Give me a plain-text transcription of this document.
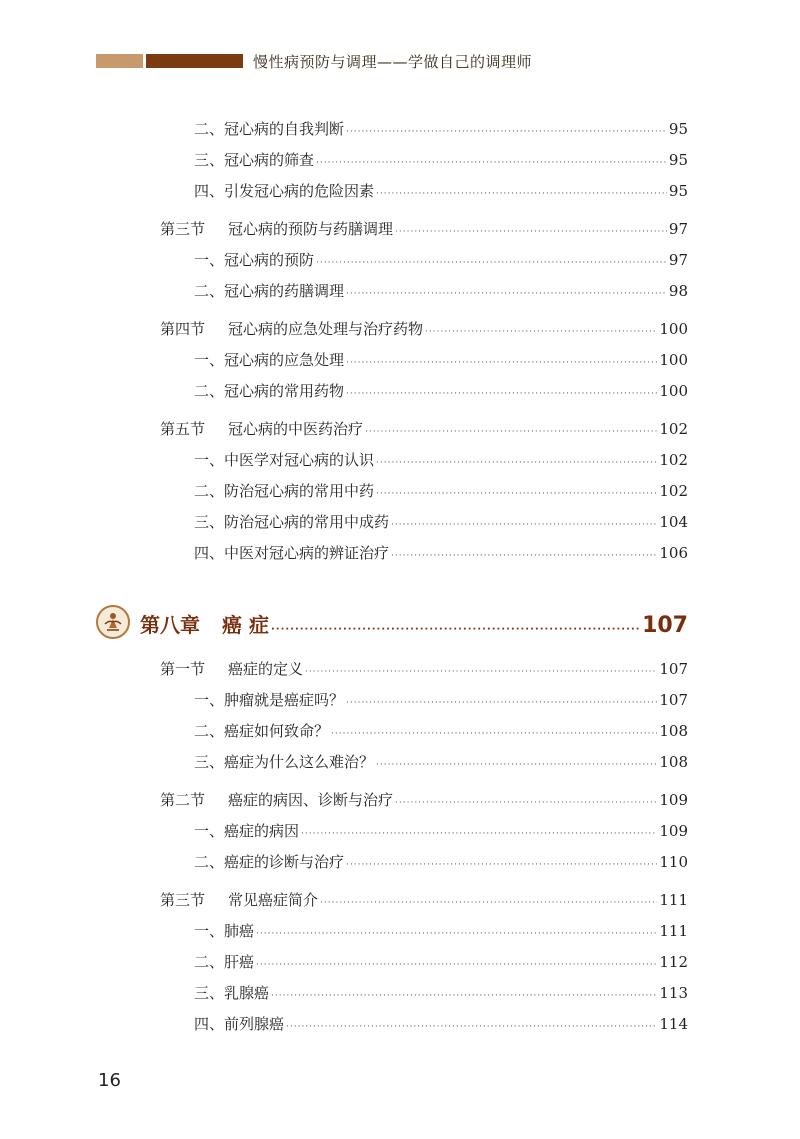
慢性病预防与调理——学做自己的调理师
二、冠心病的自我判断 ·····	95
三、冠心病的筛查 ·····	95
四、引发冠心病的危险因素 ·····	95
第三节 冠心病的预防与药膳调理 ·····	97
一、冠心病的预防 ·····	97
二、冠心病的药膳调理 ·····	98
第四节 冠心病的应急处理与治疗药物 ·····	100
一、冠心病的应急处理 ·····	100
二、冠心病的常用药物 ·····	100
第五节 冠心病的中医药治疗 ·····	102
一、中医学对冠心病的认识 ·····	102
二、防治冠心病的常用中药 ·····	102
三、防治冠心病的常用中成药 ·····	104
四、中医对冠心病的辨证治疗 ·····	106
第八章 癌 症 ·····	107
第一节 癌症的定义 ·····	107
一、肿瘤就是癌症吗？ ·····	107
二、癌症如何致命？ ·····	108
三、癌症为什么这么难治？ ·····	108
第二节 癌症的病因、诊断与治疗 ·····	109
一、癌症的病因 ·····	109
二、癌症的诊断与治疗 ·····	110
第三节 常见癌症简介 ·····	111
一、肺癌 ·····	111
二、肝癌 ·····	112
三、乳腺癌 ·····	113
四、前列腺癌 ·····	114
16
